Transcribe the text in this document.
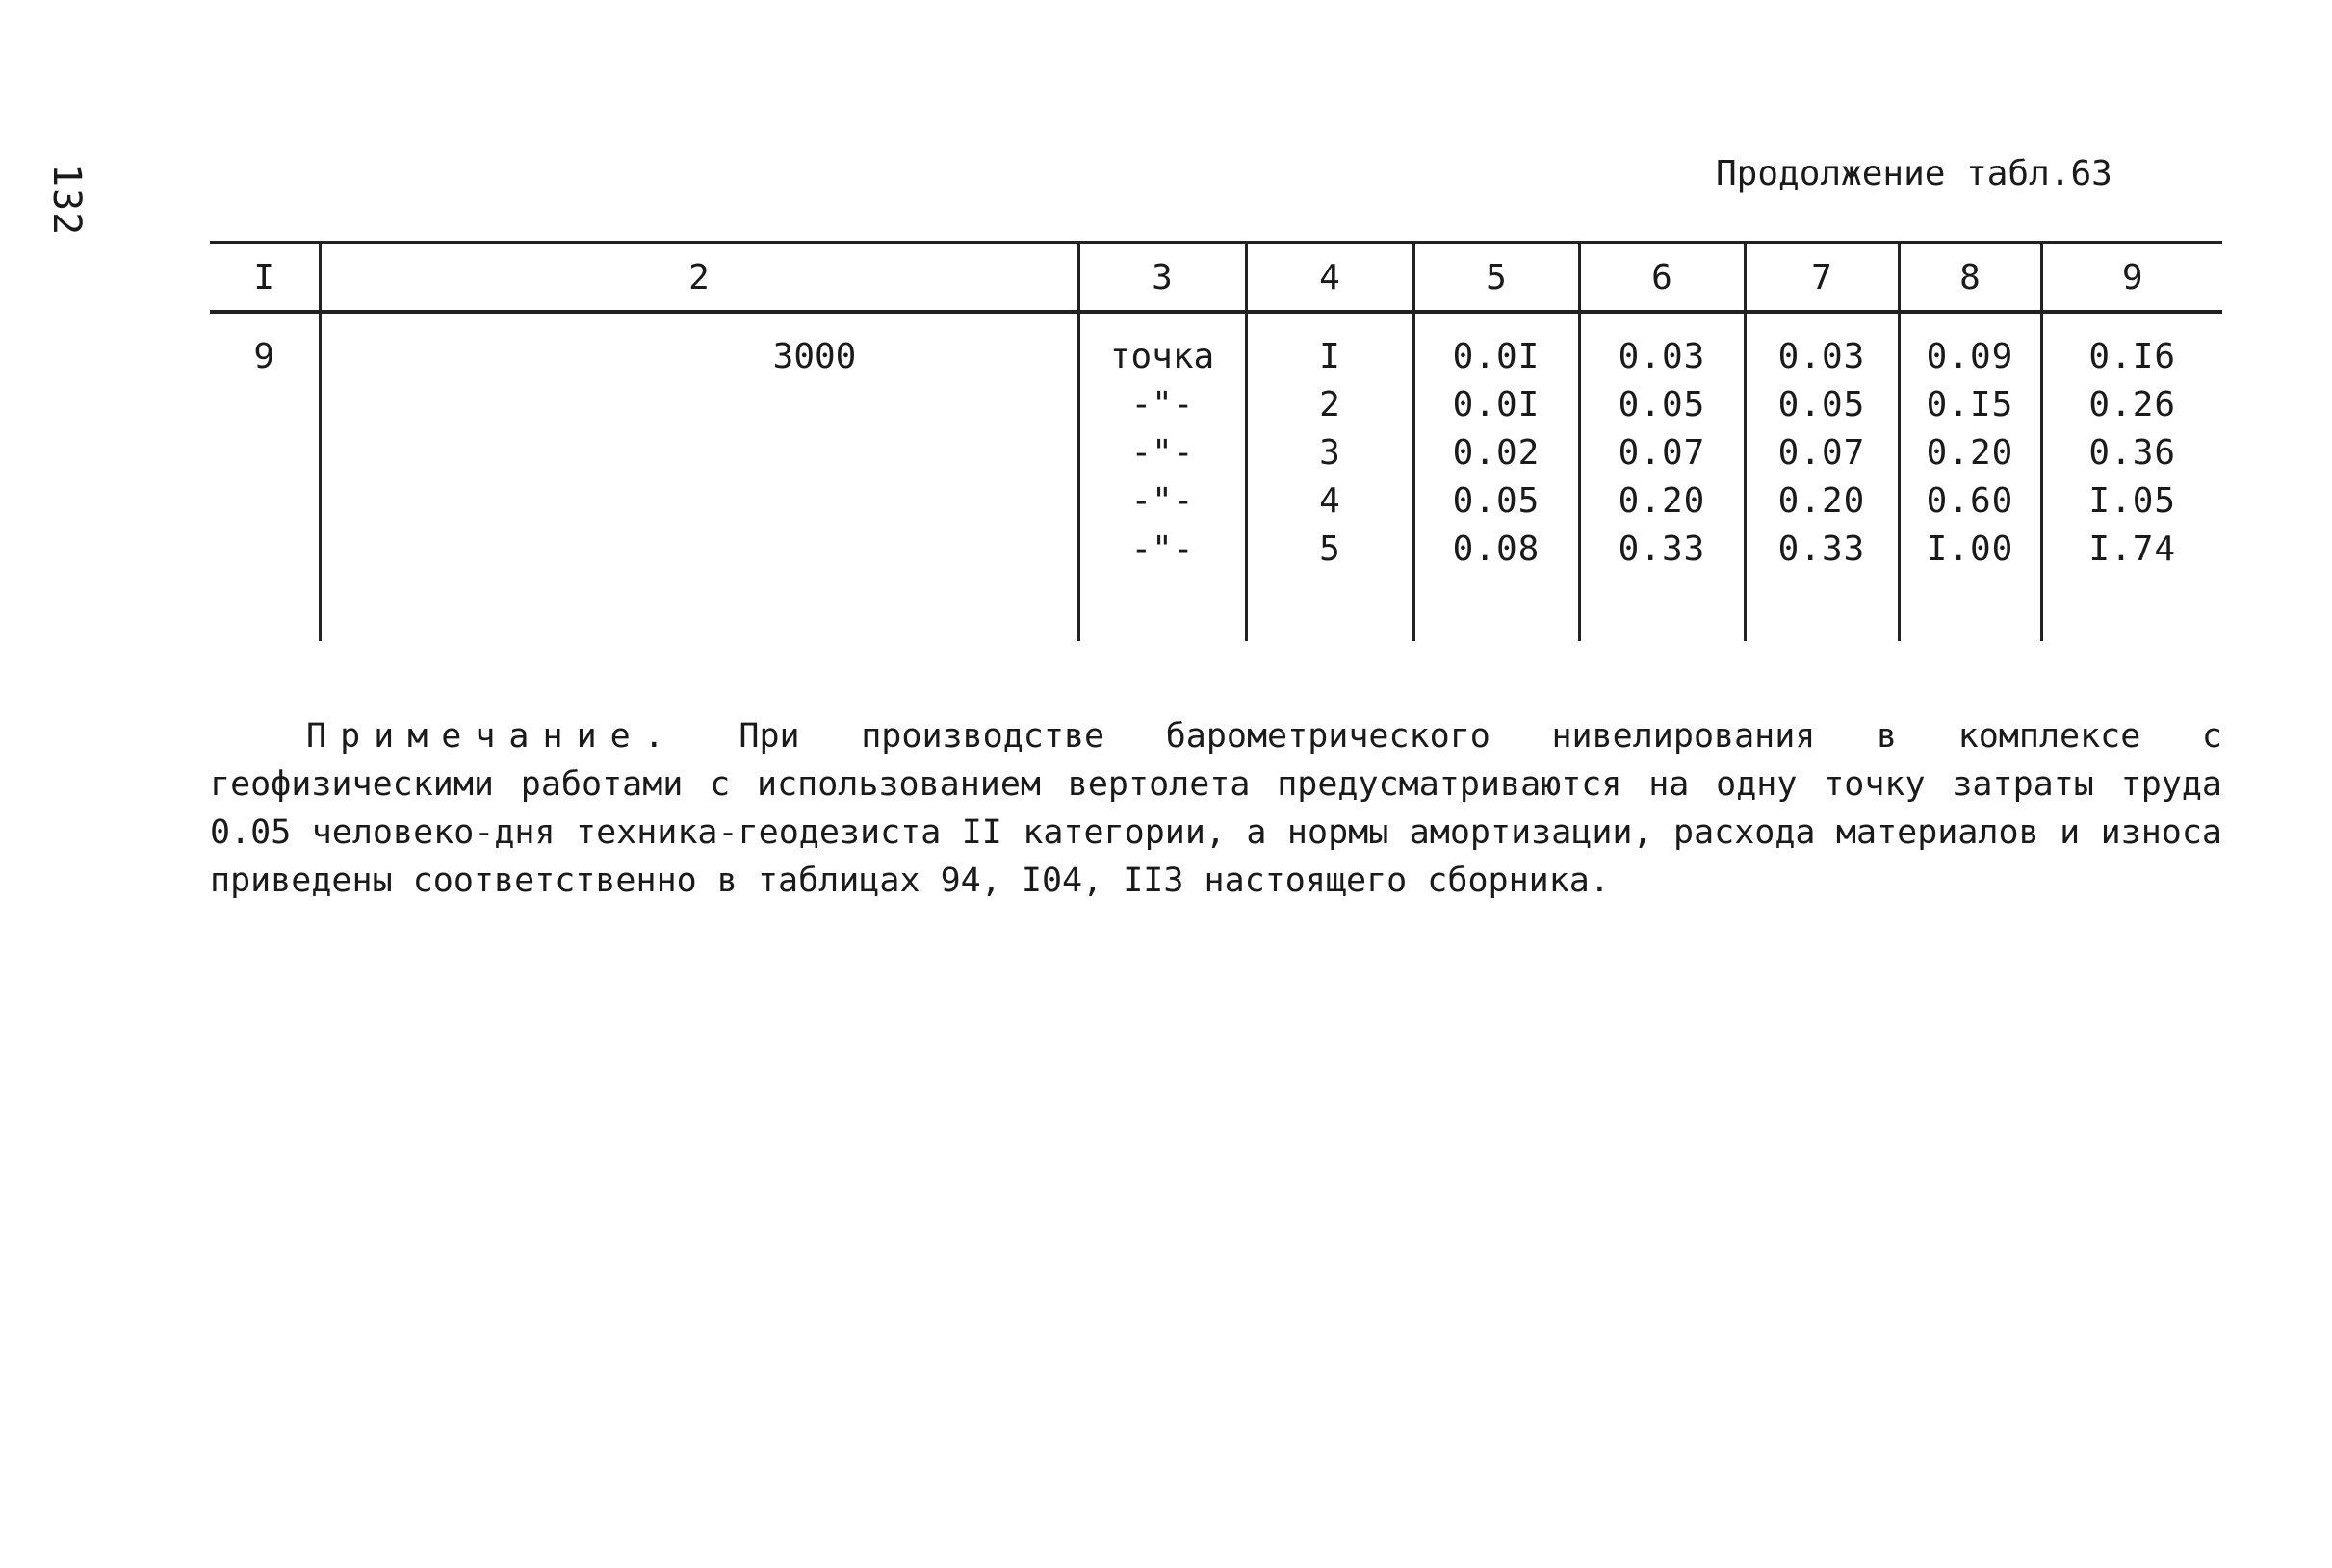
132	Продолжение табл.63
I	2	3	4	5	6	7	8	9
9	3000	точка	I	0.0I	0.03	0.03	0.09	0.I6
		-"-	2	0.0I	0.05	0.05	0.I5	0.26
		-"-	3	0.02	0.07	0.07	0.20	0.36
		-"-	4	0.05	0.20	0.20	0.60	I.05
		-"-	5	0.08	0.33	0.33	I.00	I.74

Примечание. При производстве барометрического нивелирования в комплексе с геофизическими работами с использованием вертолета предусматриваются на одну точку затраты труда 0.05 человеко-дня техника-геодезиста II категории, а нормы амортизации, расхода материалов и износа приведены соответственно в таблицах 94, I04, II3 настоящего сборника.
